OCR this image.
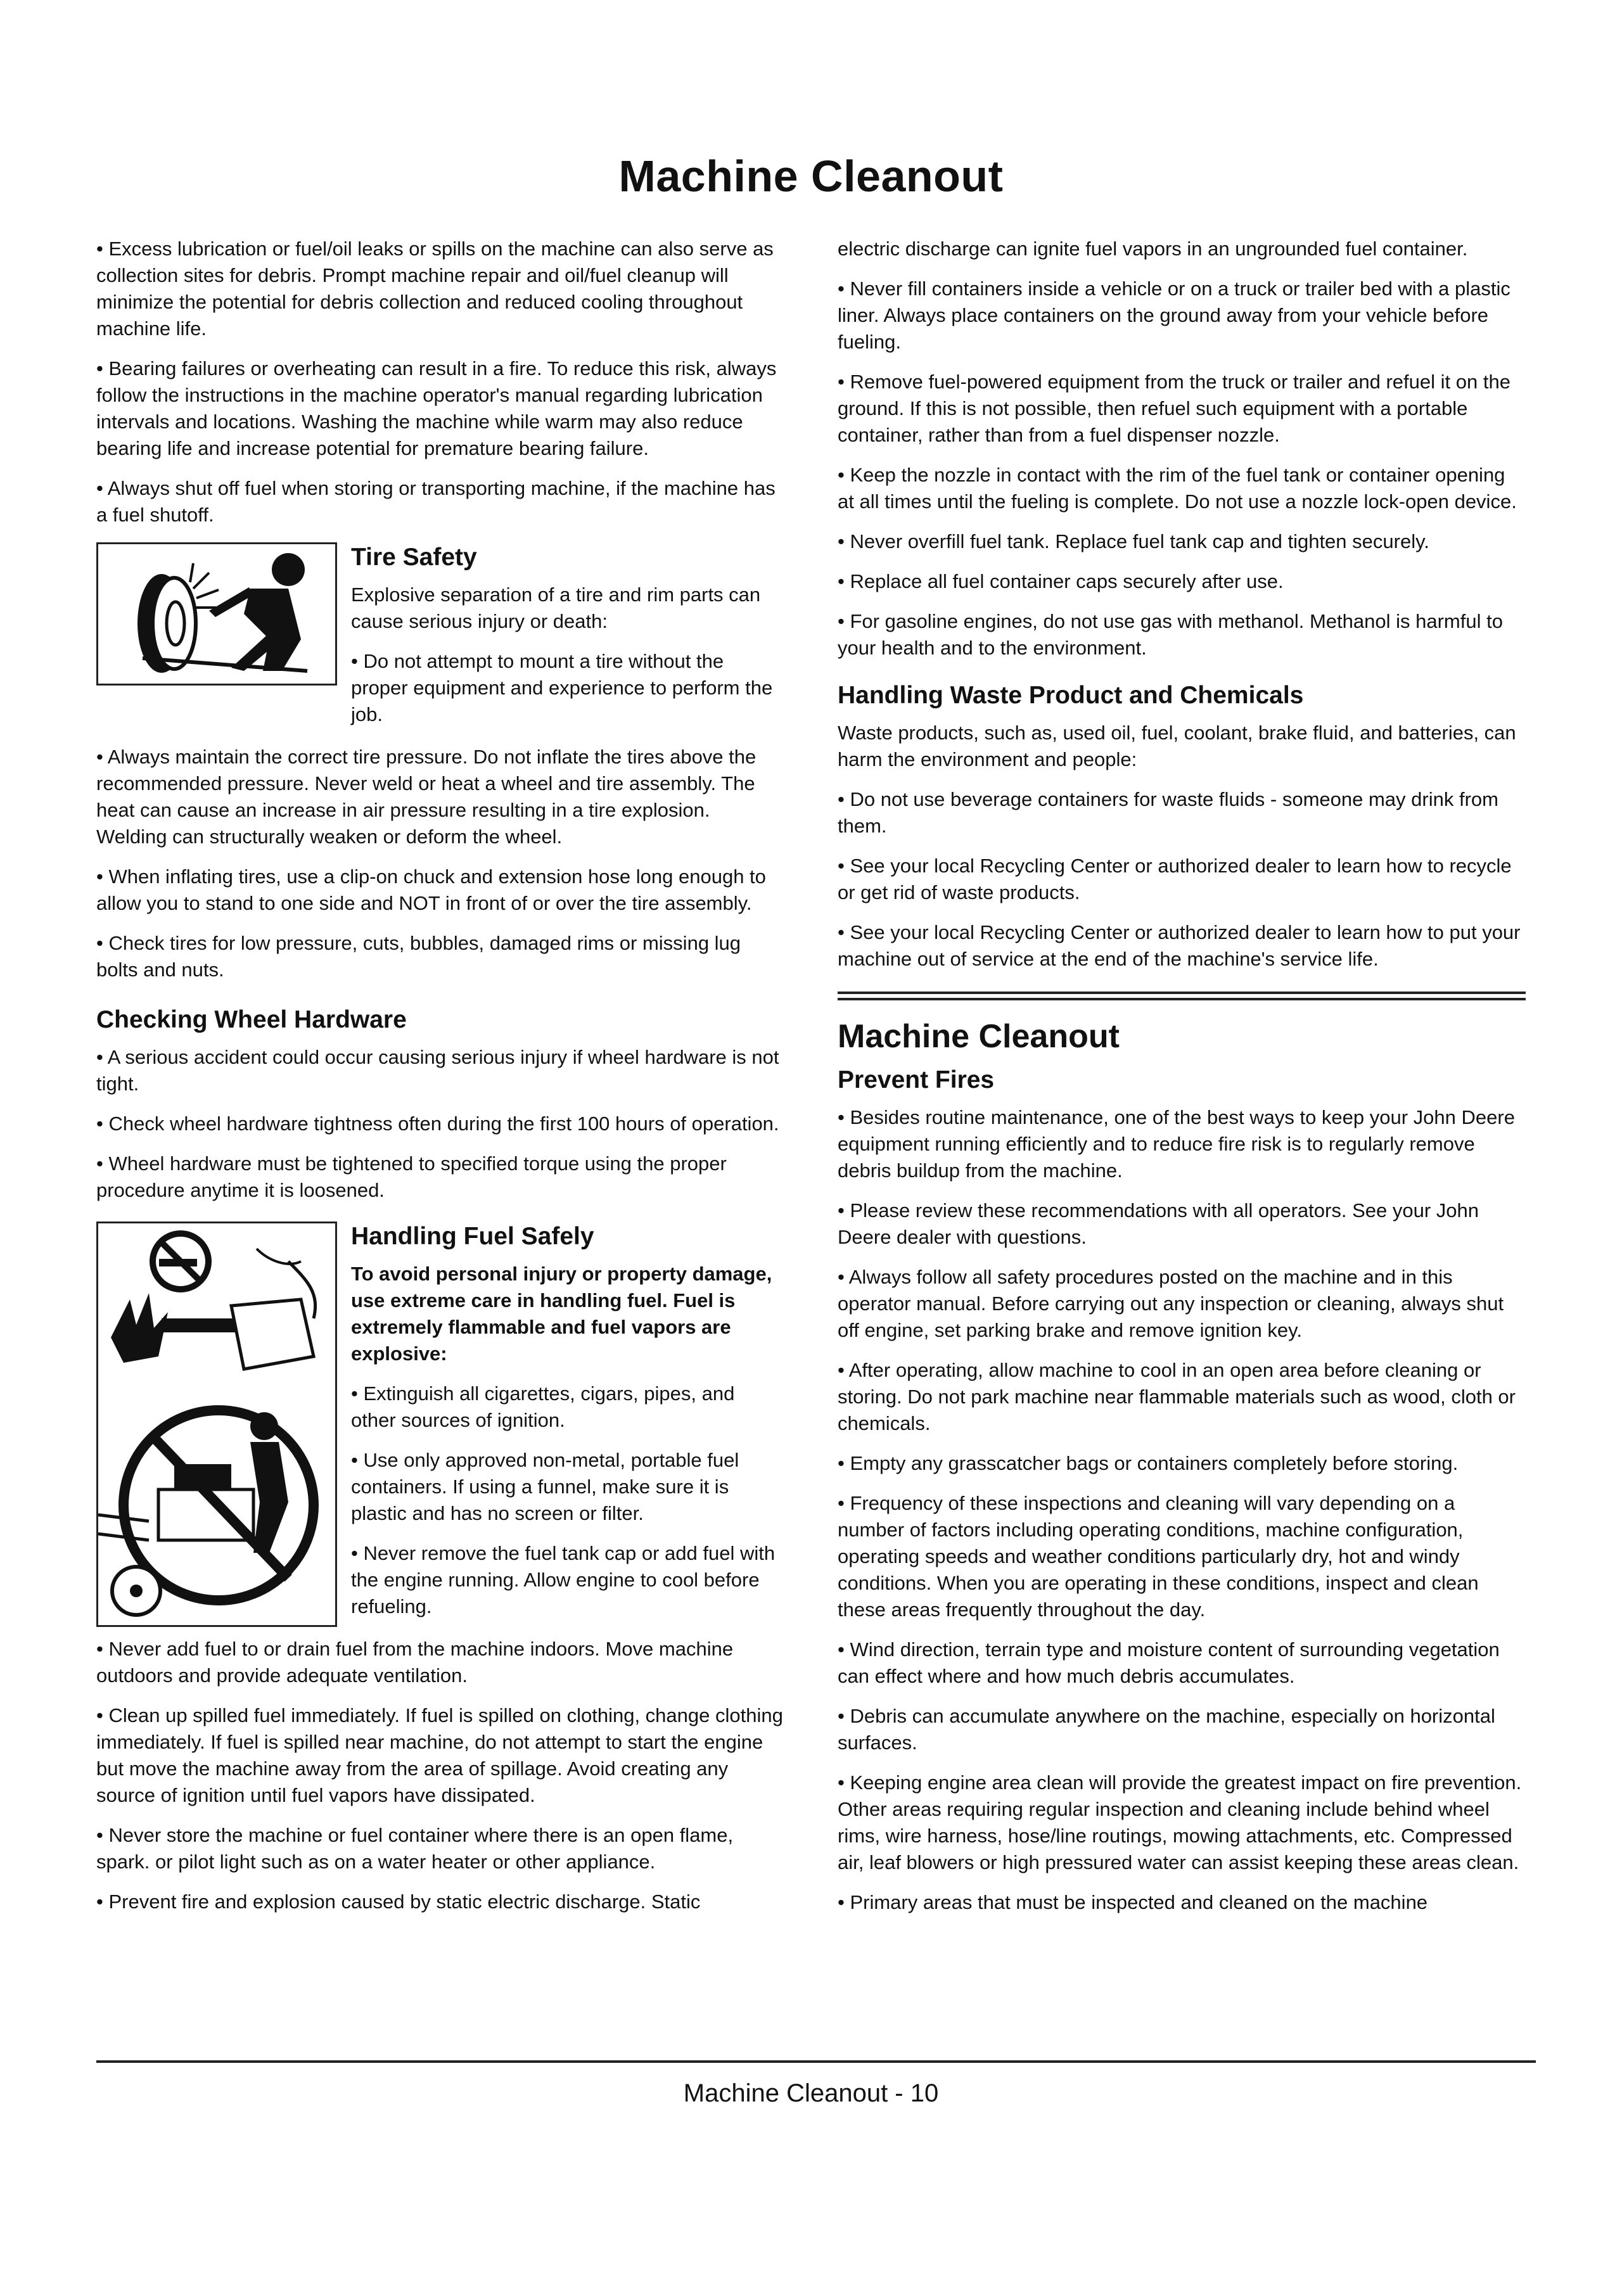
Machine Cleanout

• Excess lubrication or fuel/oil leaks or spills on the machine can also serve as collection sites for debris. Prompt machine repair and oil/fuel cleanup will minimize the potential for debris collection and reduced cooling throughout machine life.

• Bearing failures or overheating can result in a fire. To reduce this risk, always follow the instructions in the machine operator's manual regarding lubrication intervals and locations. Washing the machine while warm may also reduce bearing life and increase potential for premature bearing failure.

• Always shut off fuel when storing or transporting machine, if the machine has a fuel shutoff.

Tire Safety

Explosive separation of a tire and rim parts can cause serious injury or death:

• Do not attempt to mount a tire without the proper equipment and experience to perform the job.

• Always maintain the correct tire pressure. Do not inflate the tires above the recommended pressure. Never weld or heat a wheel and tire assembly. The heat can cause an increase in air pressure resulting in a tire explosion. Welding can structurally weaken or deform the wheel.

• When inflating tires, use a clip-on chuck and extension hose long enough to allow you to stand to one side and NOT in front of or over the tire assembly.

• Check tires for low pressure, cuts, bubbles, damaged rims or missing lug bolts and nuts.

Checking Wheel Hardware

• A serious accident could occur causing serious injury if wheel hardware is not tight.

• Check wheel hardware tightness often during the first 100 hours of operation.

• Wheel hardware must be tightened to specified torque using the proper procedure anytime it is loosened.

Handling Fuel Safely

To avoid personal injury or property damage, use extreme care in handling fuel. Fuel is extremely flammable and fuel vapors are explosive:

• Extinguish all cigarettes, cigars, pipes, and other sources of ignition.

• Use only approved non-metal, portable fuel containers. If using a funnel, make sure it is plastic and has no screen or filter.

• Never remove the fuel tank cap or add fuel with the engine running. Allow engine to cool before refueling.

• Never add fuel to or drain fuel from the machine indoors. Move machine outdoors and provide adequate ventilation.

• Clean up spilled fuel immediately. If fuel is spilled on clothing, change clothing immediately. If fuel is spilled near machine, do not attempt to start the engine but move the machine away from the area of spillage. Avoid creating any source of ignition until fuel vapors have dissipated.

• Never store the machine or fuel container where there is an open flame, spark. or pilot light such as on a water heater or other appliance.

• Prevent fire and explosion caused by static electric discharge. Static

electric discharge can ignite fuel vapors in an ungrounded fuel container.

• Never fill containers inside a vehicle or on a truck or trailer bed with a plastic liner. Always place containers on the ground away from your vehicle before fueling.

• Remove fuel-powered equipment from the truck or trailer and refuel it on the ground. If this is not possible, then refuel such equipment with a portable container, rather than from a fuel dispenser nozzle.

• Keep the nozzle in contact with the rim of the fuel tank or container opening at all times until the fueling is complete. Do not use a nozzle lock-open device.

• Never overfill fuel tank. Replace fuel tank cap and tighten securely.

• Replace all fuel container caps securely after use.

• For gasoline engines, do not use gas with methanol. Methanol is harmful to your health and to the environment.

Handling Waste Product and Chemicals

Waste products, such as, used oil, fuel, coolant, brake fluid, and batteries, can harm the environment and people:

• Do not use beverage containers for waste fluids - someone may drink from them.

• See your local Recycling Center or authorized dealer to learn how to recycle or get rid of waste products.

• See your local Recycling Center or authorized dealer to learn how to put your machine out of service at the end of the machine's service life.

Machine Cleanout
Prevent Fires

• Besides routine maintenance, one of the best ways to keep your John Deere equipment running efficiently and to reduce fire risk is to regularly remove debris buildup from the machine.

• Please review these recommendations with all operators. See your John Deere dealer with questions.

• Always follow all safety procedures posted on the machine and in this operator manual. Before carrying out any inspection or cleaning, always shut off engine, set parking brake and remove ignition key.

• After operating, allow machine to cool in an open area before cleaning or storing. Do not park machine near flammable materials such as wood, cloth or chemicals.

• Empty any grasscatcher bags or containers completely before storing.

• Frequency of these inspections and cleaning will vary depending on a number of factors including operating conditions, machine configuration, operating speeds and weather conditions particularly dry, hot and windy conditions. When you are operating in these conditions, inspect and clean these areas frequently throughout the day.

• Wind direction, terrain type and moisture content of surrounding vegetation can effect where and how much debris accumulates.

• Debris can accumulate anywhere on the machine, especially on horizontal surfaces.

• Keeping engine area clean will provide the greatest impact on fire prevention. Other areas requiring regular inspection and cleaning include behind wheel rims, wire harness, hose/line routings, mowing attachments, etc. Compressed air, leaf blowers or high pressured water can assist keeping these areas clean.

• Primary areas that must be inspected and cleaned on the machine

Machine Cleanout - 10
